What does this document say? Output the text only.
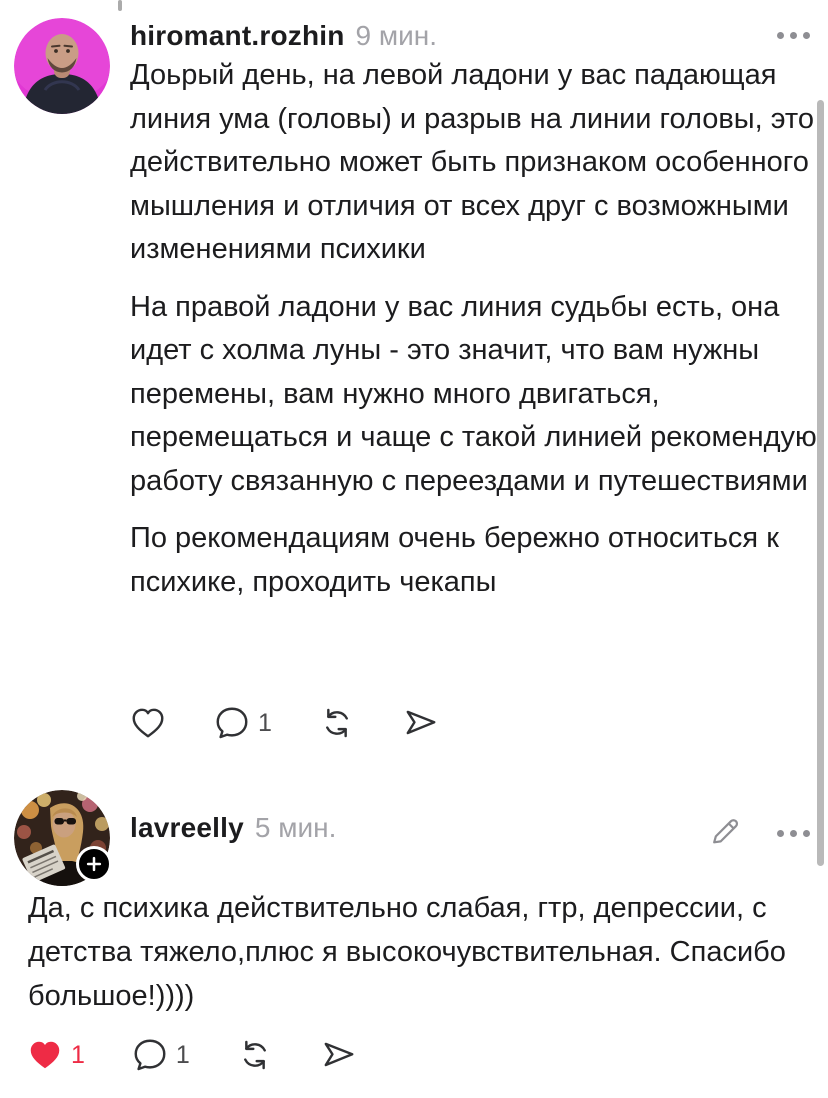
hiromant.rozhin 9 мин.

Доьрый день, на левой ладони у вас падающая линия ума (головы) и разрыв на линии головы, это действительно может быть признаком особенного мышления и отличия от всех друг с возможными изменениями психики

На правой ладони у вас линия судьбы есть, она идет с холма луны - это значит, что вам нужны перемены, вам нужно много двигаться, перемещаться и чаще с такой линией рекомендую работу связанную с переездами и путешествиями

По рекомендациям очень бережно относиться к психике, проходить чекапы

1
lavreelly 5 мин.

Да, с психика действительно слабая, гтр, депрессии, с детства тяжело,плюс я высокочувствительная. Спасибо большое!))))

1	1
